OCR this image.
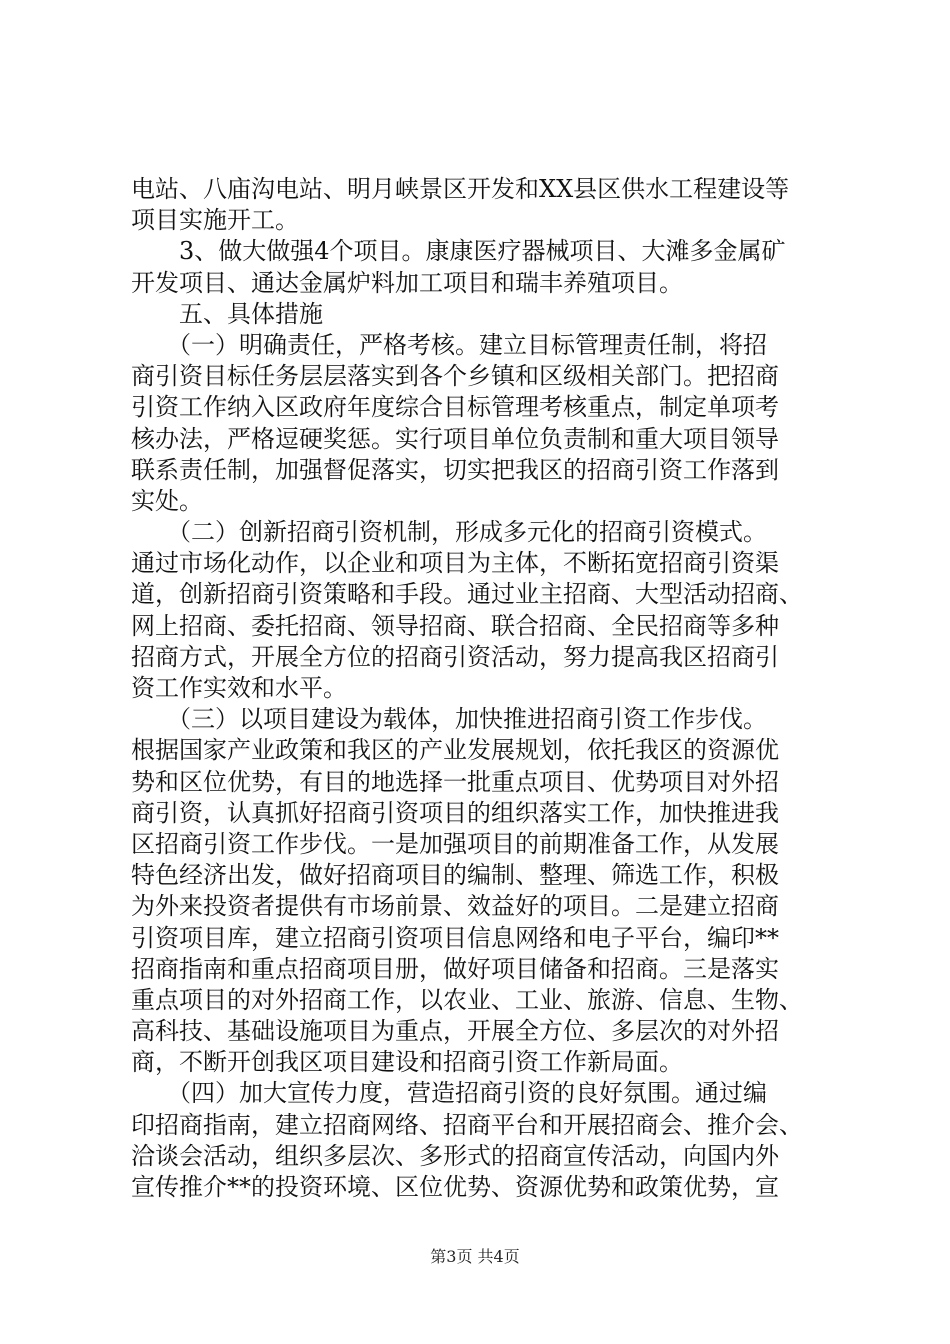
电站、八庙沟电站、明月峡景区开发和XX县区供水工程建设等
项目实施开工。
　　3、做大做强4个项目。康康医疗器械项目、大滩多金属矿
开发项目、通达金属炉料加工项目和瑞丰养殖项目。
　　五、具体措施
　　（一）明确责任，严格考核。建立目标管理责任制，将招
商引资目标任务层层落实到各个乡镇和区级相关部门。把招商
引资工作纳入区政府年度综合目标管理考核重点，制定单项考
核办法，严格逗硬奖惩。实行项目单位负责制和重大项目领导
联系责任制，加强督促落实，切实把我区的招商引资工作落到
实处。
　　（二）创新招商引资机制，形成多元化的招商引资模式。
通过市场化动作，以企业和项目为主体，不断拓宽招商引资渠
道，创新招商引资策略和手段。通过业主招商、大型活动招商、
网上招商、委托招商、领导招商、联合招商、全民招商等多种
招商方式，开展全方位的招商引资活动，努力提高我区招商引
资工作实效和水平。
　　（三）以项目建设为载体，加快推进招商引资工作步伐。
根据国家产业政策和我区的产业发展规划，依托我区的资源优
势和区位优势，有目的地选择一批重点项目、优势项目对外招
商引资，认真抓好招商引资项目的组织落实工作，加快推进我
区招商引资工作步伐。一是加强项目的前期准备工作，从发展
特色经济出发，做好招商项目的编制、整理、筛选工作，积极
为外来投资者提供有市场前景、效益好的项目。二是建立招商
引资项目库，建立招商引资项目信息网络和电子平台，编印**
招商指南和重点招商项目册，做好项目储备和招商。三是落实
重点项目的对外招商工作，以农业、工业、旅游、信息、生物、
高科技、基础设施项目为重点，开展全方位、多层次的对外招
商，不断开创我区项目建设和招商引资工作新局面。
　　（四）加大宣传力度，营造招商引资的良好氛围。通过编
印招商指南，建立招商网络、招商平台和开展招商会、推介会、
洽谈会活动，组织多层次、多形式的招商宣传活动，向国内外
宣传推介**的投资环境、区位优势、资源优势和政策优势，宣
第3页 共4页
